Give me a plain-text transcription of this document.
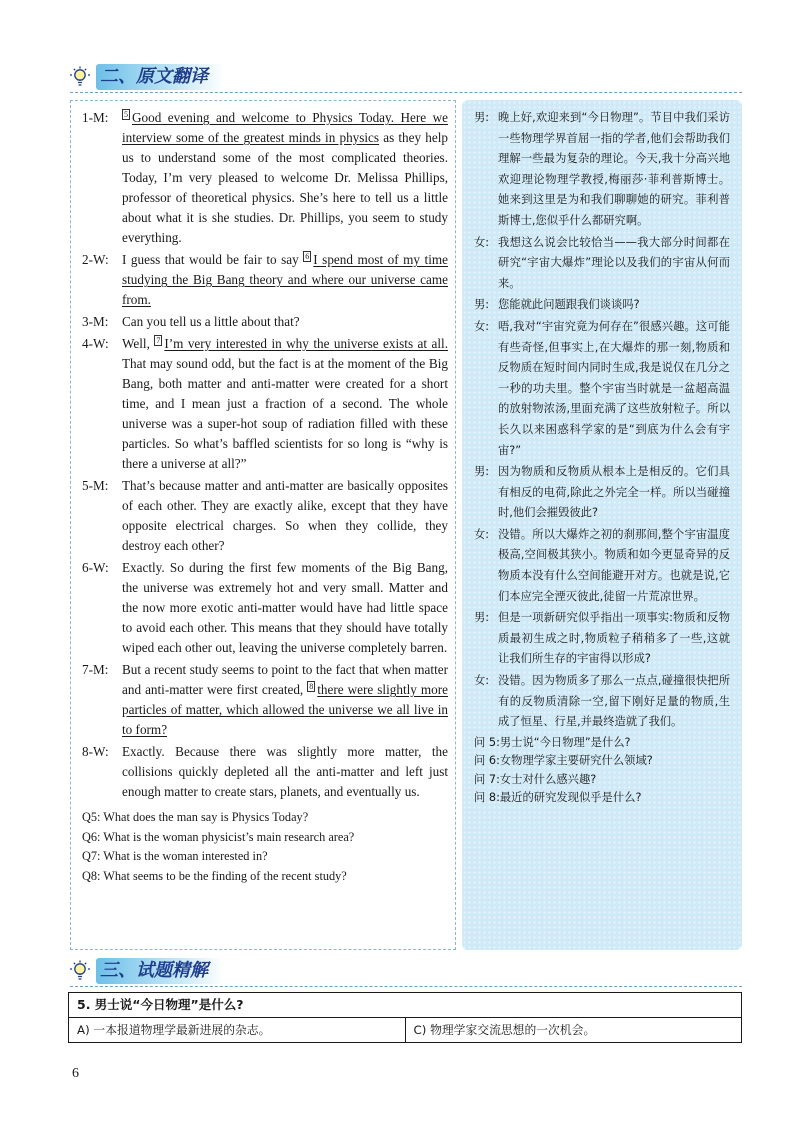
二、原文翻译
1-M:	5 Good evening and welcome to Physics Today. Here we interview some of the greatest minds in physics as they help us to understand some of the most complicated theories. Today, I’m very pleased to welcome Dr. Melissa Phillips, professor of theoretical physics. She’s here to tell us a little about what it is she studies. Dr. Phillips, you seem to study everything.
2-W:	I guess that would be fair to say 6 I spend most of my time studying the Big Bang theory and where our universe came from.
3-M:	Can you tell us a little about that?
4-W:	Well, 7 I’m very interested in why the universe exists at all. That may sound odd, but the fact is at the moment of the Big Bang, both matter and anti-matter were created for a short time, and I mean just a fraction of a second. The whole universe was a super-hot soup of radiation filled with these particles. So what’s baffled scientists for so long is “why is there a universe at all?”
5-M:	That’s because matter and anti-matter are basically opposites of each other. They are exactly alike, except that they have opposite electrical charges. So when they collide, they destroy each other?
6-W:	Exactly. So during the first few moments of the Big Bang, the universe was extremely hot and very small. Matter and the now more exotic anti-matter would have had little space to avoid each other. This means that they should have totally wiped each other out, leaving the universe completely barren.
7-M:	But a recent study seems to point to the fact that when matter and anti-matter were first created, 8 there were slightly more particles of matter, which allowed the universe we all live in to form?
8-W:	Exactly. Because there was slightly more matter, the collisions quickly depleted all the anti-matter and left just enough matter to create stars, planets, and eventually us.
Q5: What does the man say is Physics Today?
Q6: What is the woman physicist’s main research area?
Q7: What is the woman interested in?
Q8: What seems to be the finding of the recent study?
男: 晚上好,欢迎来到“今日物理”。节目中我们采访一些物理学界首屈一指的学者,他们会帮助我们理解一些最为复杂的理论。今天,我十分高兴地欢迎理论物理学教授,梅丽莎·菲利普斯博士。她来到这里是为和我们聊聊她的研究。菲利普斯博士,您似乎什么都研究啊。
女: 我想这么说会比较恰当——我大部分时间都在研究“宇宙大爆炸”理论以及我们的宇宙从何而来。
男: 您能就此问题跟我们谈谈吗?
女: 唔,我对“宇宙究竟为何存在”很感兴趣。这可能有些奇怪,但事实上,在大爆炸的那一刻,物质和反物质在短时间内同时生成,我是说仅在几分之一秒的功夫里。整个宇宙当时就是一盆超高温的放射物浓汤,里面充满了这些放射粒子。所以长久以来困惑科学家的是“到底为什么会有宇宙?”
男: 因为物质和反物质从根本上是相反的。它们具有相反的电荷,除此之外完全一样。所以当碰撞时,他们会摧毁彼此?
女: 没错。所以大爆炸之初的刹那间,整个宇宙温度极高,空间极其狭小。物质和如今更显奇异的反物质本没有什么空间能避开对方。也就是说,它们本应完全湮灭彼此,徒留一片荒凉世界。
男: 但是一项新研究似乎指出一项事实:物质和反物质最初生成之时,物质粒子稍稍多了一些,这就让我们所生存的宇宙得以形成?
女: 没错。因为物质多了那么一点点,碰撞很快把所有的反物质清除一空,留下刚好足量的物质,生成了恒星、行星,并最终造就了我们。
问 5:男士说“今日物理”是什么?
问 6:女物理学家主要研究什么领域?
问 7:女士对什么感兴趣?
问 8:最近的研究发现似乎是什么?
三、试题精解
5. 男士说“今日物理”是什么?
A) 一本报道物理学最新进展的杂志。	C) 物理学家交流思想的一次机会。
6
